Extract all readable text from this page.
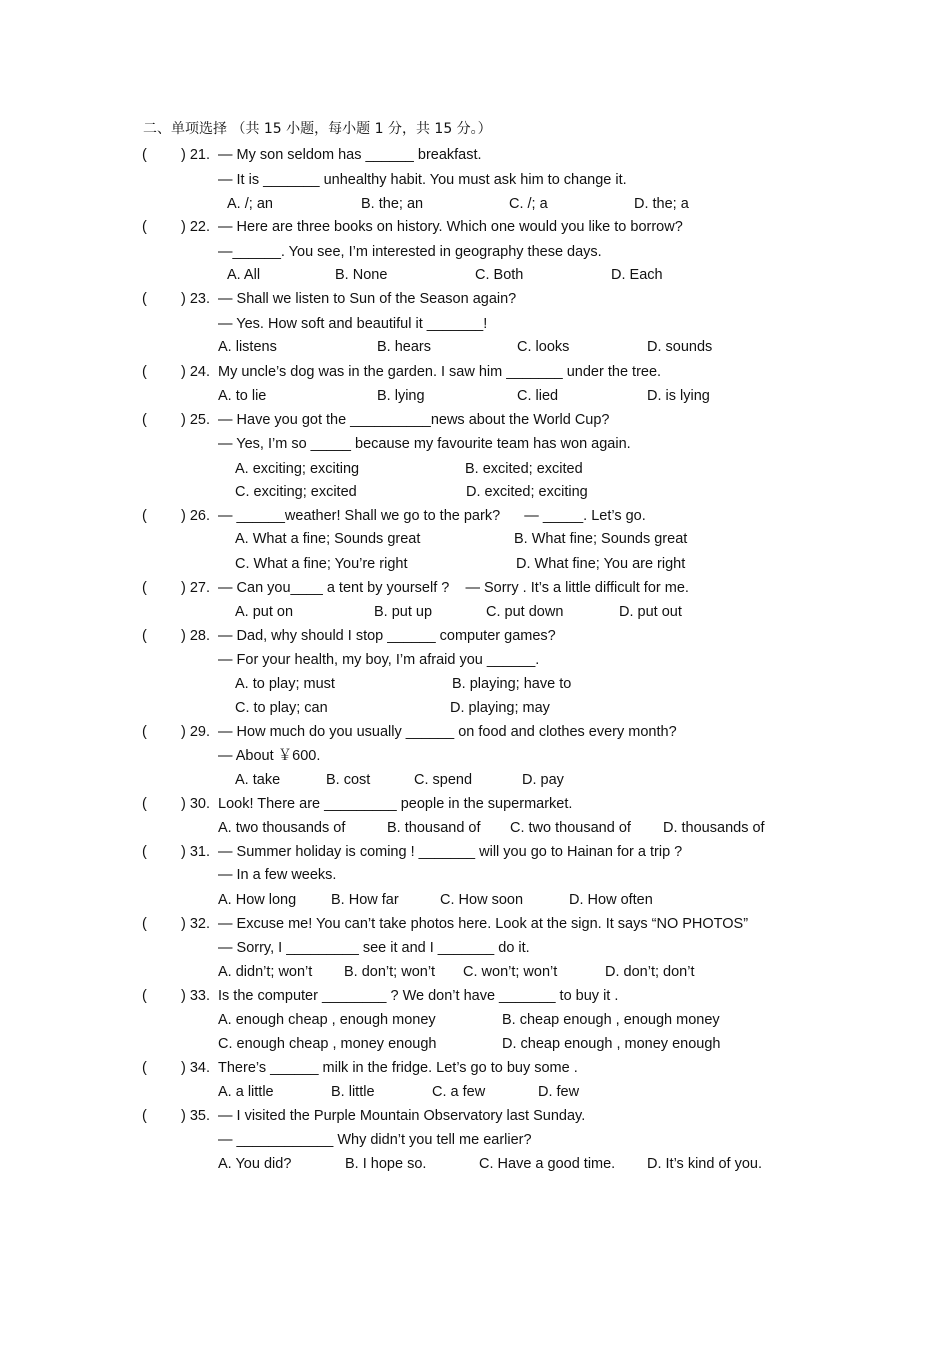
二、单项选择 （共 15 小题，每小题 1 分，共 15 分。）
( ) 21. — My son seldom has ______ breakfast.
— It is _______ unhealthy habit. You must ask him to change it.
A. /; an	B. the; an	C. /; a	D. the; a
( ) 22. — Here are three books on history. Which one would you like to borrow?
—______. You see, I’m interested in geography these days.
A. All	B. None	C. Both	D. Each
( ) 23. — Shall we listen to Sun of the Season again?
— Yes. How soft and beautiful it _______!
A. listens	B. hears	C. looks	D. sounds
( ) 24. My uncle’s dog was in the garden. I saw him _______ under the tree.
A. to lie	B. lying	C. lied	D. is lying
( ) 25. — Have you got the __________news about the World Cup?
— Yes, I’m so _____ because my favourite team has won again.
A. exciting; exciting	B. excited; excited
C. exciting; excited	D. excited; exciting
( ) 26. — ______weather! Shall we go to the park?      — _____. Let’s go.
A. What a fine; Sounds great	B. What fine; Sounds great
C. What a fine; You’re right	D. What fine; You are right
( ) 27. — Can you____ a tent by yourself ?    — Sorry . It’s a little difficult for me.
A. put on	B. put up	C. put down	D. put out
( ) 28. — Dad, why should I stop ______ computer games?
— For your health, my boy, I’m afraid you ______.
A. to play; must	B. playing; have to
C. to play; can	D. playing; may
( ) 29. — How much do you usually ______ on food and clothes every month?
— About ￥600.
A. take	B. cost	C. spend	D. pay
( ) 30. Look! There are _________ people in the supermarket.
A. two thousands of	B. thousand of C. two thousand of D. thousands of
( ) 31. — Summer holiday is coming ! _______ will you go to Hainan for a trip ?
— In a few weeks.
A. How long B. How far	C. How soon	D. How often
( ) 32. — Excuse me! You can’t take photos here. Look at the sign. It says “NO PHOTOS”
— Sorry, I _________ see it and I _______ do it.
A. didn’t; won’t B. don’t; won’t C. won’t; won’t	D. don’t; don’t
( ) 33. Is the computer ________ ? We don’t have _______ to buy it .
A. enough cheap , enough money	B. cheap enough , enough money
C. enough cheap , money enough	D. cheap enough , money enough
( ) 34. There’s ______ milk in the fridge. Let’s go to buy some .
A. a little	B. little	C. a few	D. few
( ) 35. — I visited the Purple Mountain Observatory last Sunday.
— ____________ Why didn’t you tell me earlier?
A. You did?	B. I hope so.	C. Have a good time. D. It’s kind of you.
